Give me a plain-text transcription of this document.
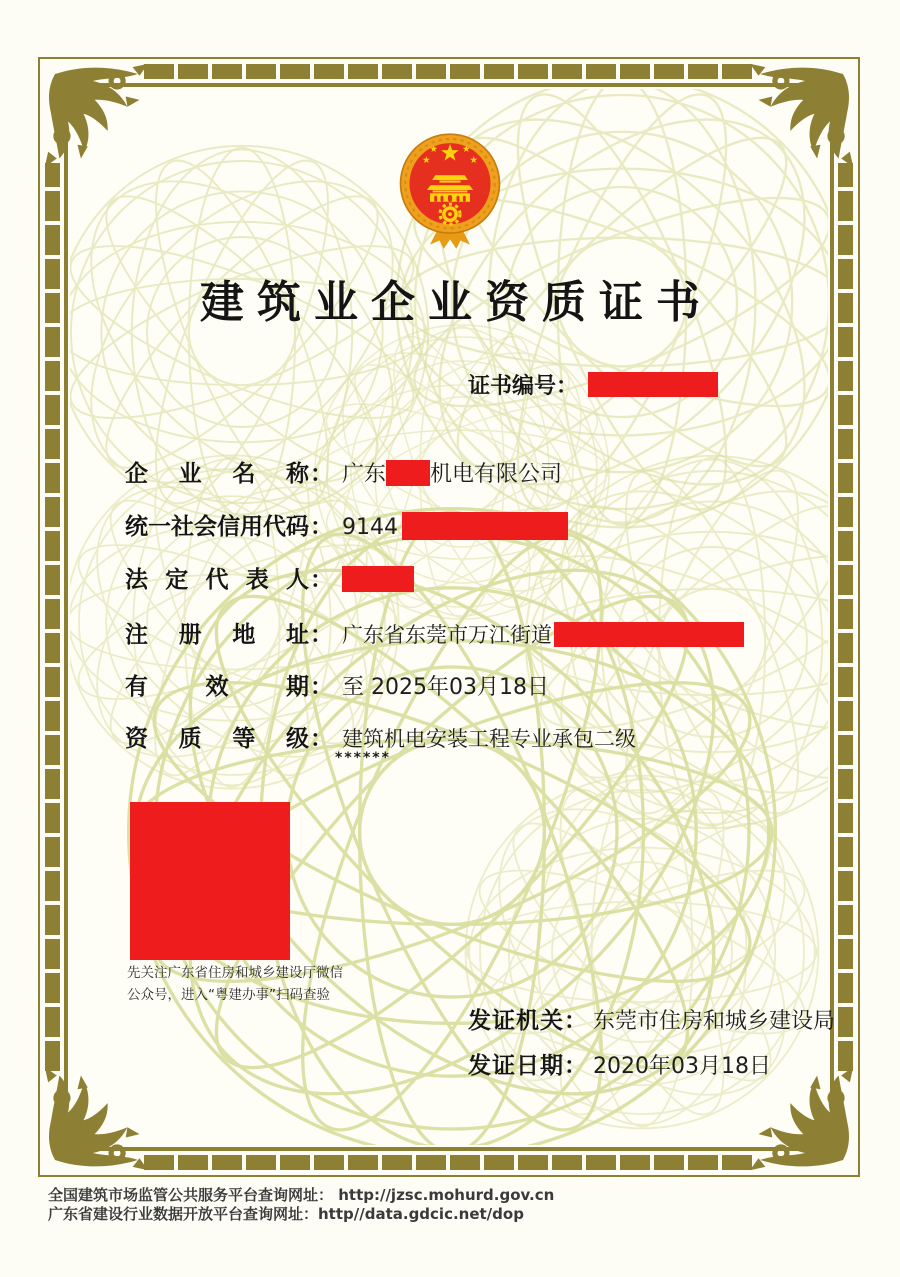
建筑业企业资质证书
证书编号 ：
企业名称 ： 广东 机电有限公司
统一社会信用代码 ： 9144
法定代表人 ：
注册地址 ： 广东省东莞市万江街道
有效期 ： 至 2025年03月18日
资质等级 ： 建筑机电安装工程专业承包二级
******
先关注广东省住房和城乡建设厅微信
公众号，进入“粤建办事”扫码查验
发证机关 ： 东莞市住房和城乡建设局
发证日期 ： 2020年03月18日
全国建筑市场监管公共服务平台查询网址： http://jzsc.mohurd.gov.cn
广东省建设行业数据开放平台查询网址：http//data.gdcic.net/dop
